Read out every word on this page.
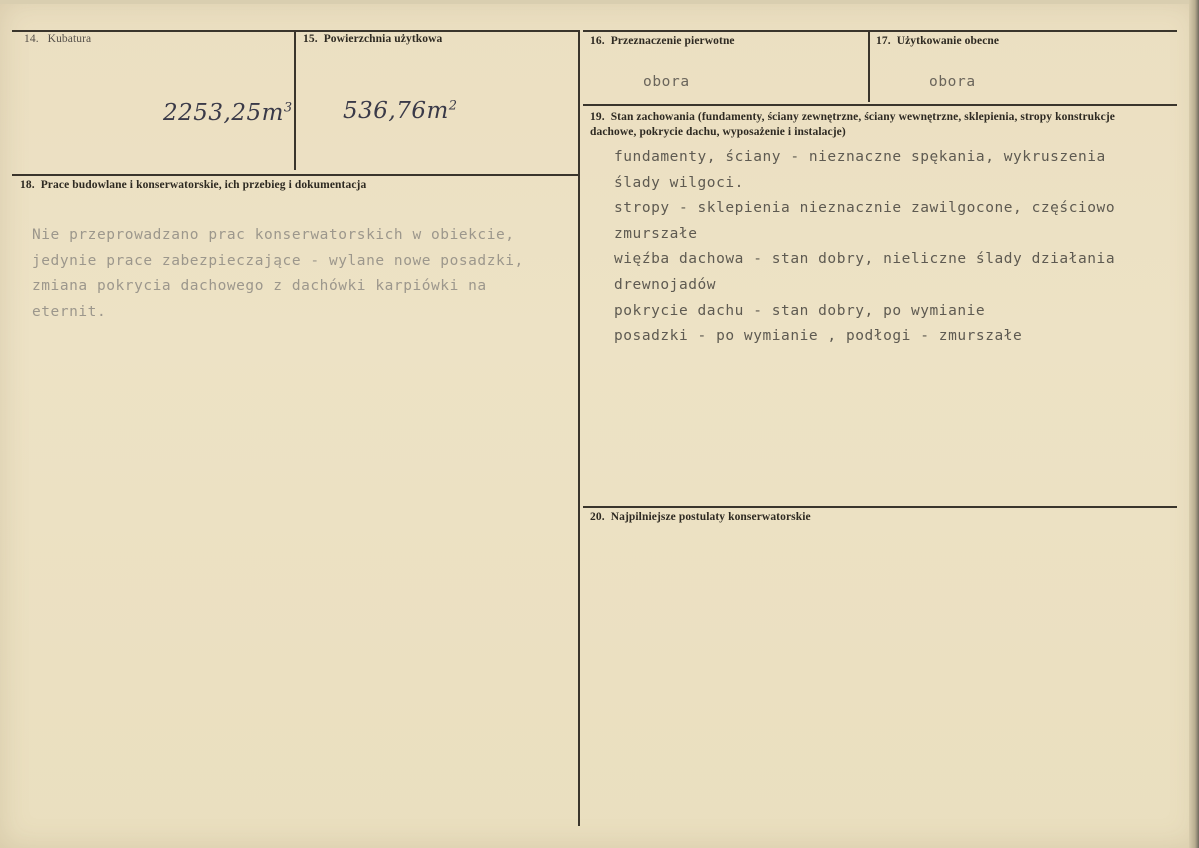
14. Kubatura
$2253,25m^3$
15. Powierzchnia użytkowa
$536,76m^2$
16. Przeznaczenie pierwotne
obora
17. Użytkowanie obecne
obora
18. Prace budowlane i konserwatorskie, ich przebieg i dokumentacja
Nie przeprowadzano prac konserwatorskich w obiekcie,
jedynie prace zabezpieczające - wylane nowe posadzki,
zmiana pokrycia dachowego z dachówki karpiówki na
eternit.
19. Stan zachowania (fundamenty, ściany zewnętrzne, ściany wewnętrzne, sklepienia, stropy konstrukcje dachowe, pokrycie dachu, wyposażenie i instalacje)
fundamenty, ściany - nieznaczne spękania, wykruszenia
ślady wilgoci.
stropy - sklepienia nieznacznie zawilgocone, częściowo
zmurszałe
więźba dachowa - stan dobry, nieliczne ślady działania
drewnojadów
pokrycie dachu - stan dobry, po wymianie
posadzki - po wymianie , podłogi - zmurszałe
20. Najpilniejsze postulaty konserwatorskie
